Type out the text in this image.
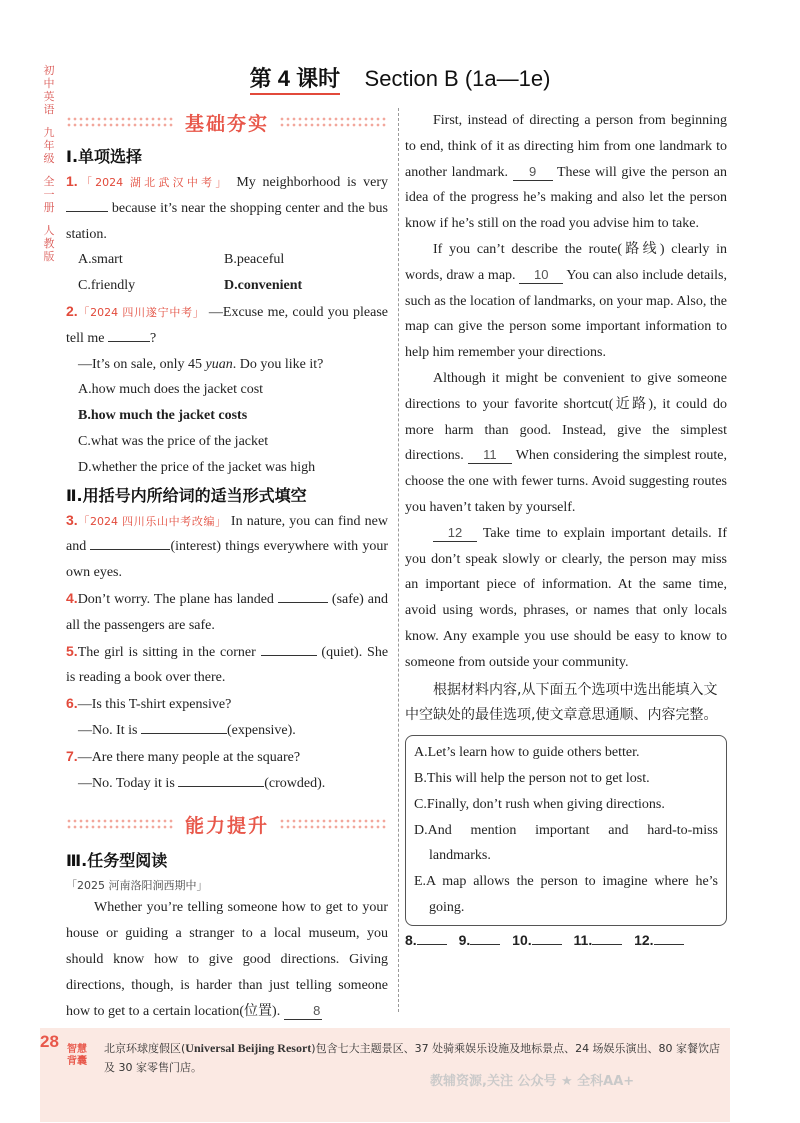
初
中
英
语
九
年
级
全
一
册
人
教
版
第 4 课时 Section B (1a—1e)
基础夯实
Ⅰ.单项选择
1.「2024 湖北武汉中考」 My neighborhood is very  because it’s near the shopping center and the bus station.
A.smart	B.peaceful
C.friendly	D.convenient
2.「2024 四川遂宁中考」 —Excuse me, could you please tell me	?
—It’s on sale, only 45 yuan. Do you like it?
A.how much does the jacket cost
B.how much the jacket costs
C.what was the price of the jacket
D.whether the price of the jacket was high
Ⅱ.用括号内所给词的适当形式填空
3.「2024 四川乐山中考改编」 In nature, you can find new and	(interest) things everywhere with your own eyes.
4.Don’t worry. The plane has landed	(safe) and all the passengers are safe.
5.The girl is sitting in the corner	(quiet). She is reading a book over there.
6.—Is this T-shirt expensive?
—No. It is	(expensive).
7.—Are there many people at the square?
—No. Today it is	(crowded).
能力提升
Ⅲ.任务型阅读
「2025 河南洛阳涧西期中」
Whether you’re telling someone how to get to your house or guiding a stranger to a local museum, you should know how to give good directions. Giving directions, though, is harder than just telling someone how to get to a certain location(位置).	8
First, instead of directing a person from beginning to end, think of it as directing him from one landmark to another landmark. 9 These will give the person an idea of the progress he’s making and also let the person know if he’s still on the road you advise him to take.
If you can’t describe the route(路线) clearly in words, draw a map. 10 You can also include details, such as the location of landmarks, on your map. Also, the map can give the person some important information to help him remember your directions.
Although it might be convenient to give someone directions to your favorite shortcut(近路), it could do more harm than good. Instead, give the simplest directions. 11 When considering the simplest route, choose the one with fewer turns. Avoid suggesting routes you haven’t taken by yourself.
12 Take time to explain important details. If you don’t speak slowly or clearly, the person may miss an important piece of information. At the same time, avoid using words, phrases, or names that only locals know. Any example you use should be easy to know to someone from outside your community.
根据材料内容,从下面五个选项中选出能填入文中空缺处的最佳选项,使文章意思通顺、内容完整。
A.Let’s learn how to guide others better.
B.This will help the person not to get lost.
C.Finally, don’t rush when giving directions.
D.And mention important and hard-to-miss landmarks.
E.A map allows the person to imagine where he’s going.
8.	9.	10.	11.	12.
28 智慧背囊
北京环球度假区(Universal Beijing Resort)包含七大主题景区、37 处骑乘娱乐设施及地标景点、24 场娱乐演出、80 家餐饮店及 30 家零售门店。
教辅资源,关注 公众号 ★ 全科AA+
